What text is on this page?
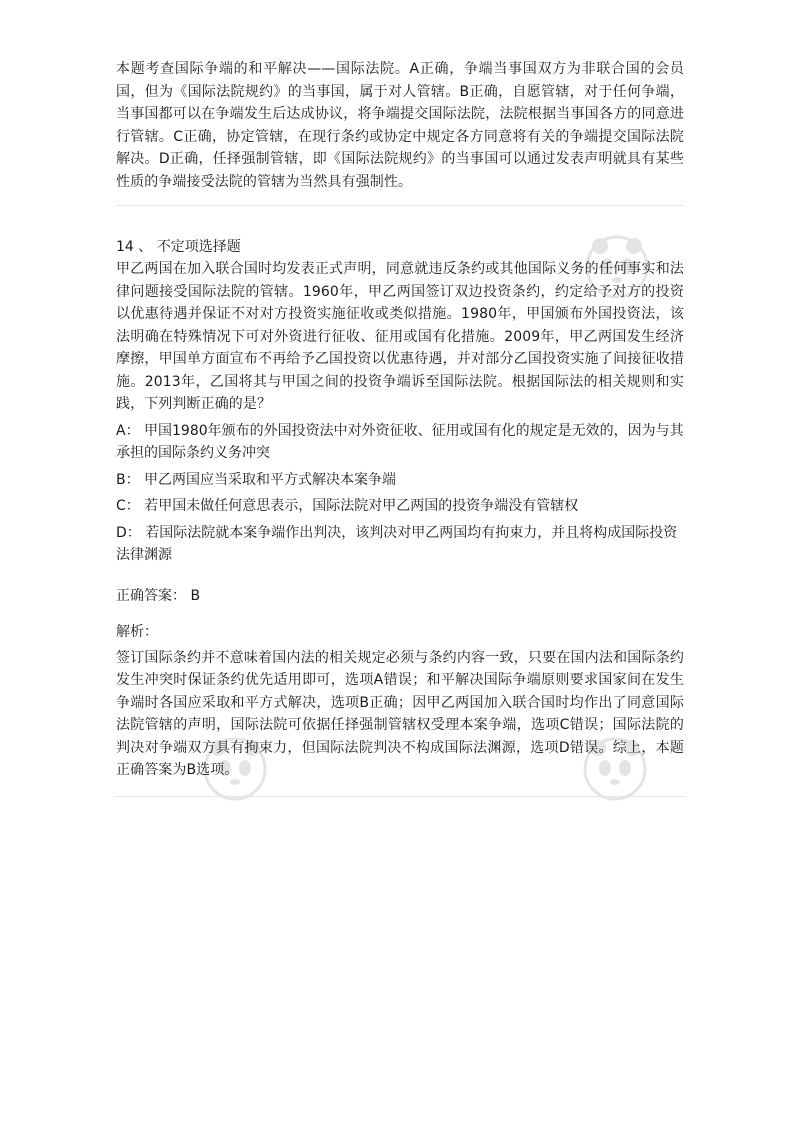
本题考查国际争端的和平解决——国际法院。A正确，争端当事国双方为非联合国的会员国，但为《国际法院规约》的当事国，属于对人管辖。B正确，自愿管辖，对于任何争端，当事国都可以在争端发生后达成协议，将争端提交国际法院，法院根据当事国各方的同意进行管辖。C正确，协定管辖，在现行条约或协定中规定各方同意将有关的争端提交国际法院解决。D正确，任择强制管辖，即《国际法院规约》的当事国可以通过发表声明就具有某些性质的争端接受法院的管辖为当然具有强制性。

14 、 不定项选择题

甲乙两国在加入联合国时均发表正式声明，同意就违反条约或其他国际义务的任何事实和法律问题接受国际法院的管辖。1960年，甲乙两国签订双边投资条约，约定给予对方的投资以优惠待遇并保证不对对方投资实施征收或类似措施。1980年，甲国颁布外国投资法，该法明确在特殊情况下可对外资进行征收、征用或国有化措施。2009年，甲乙两国发生经济摩擦，甲国单方面宣布不再给予乙国投资以优惠待遇，并对部分乙国投资实施了间接征收措施。2013年，乙国将其与甲国之间的投资争端诉至国际法院。根据国际法的相关规则和实践，下列判断正确的是？

A： 甲国1980年颁布的外国投资法中对外资征收、征用或国有化的规定是无效的，因为与其承担的国际条约义务冲突
B： 甲乙两国应当采取和平方式解决本案争端
C： 若甲国未做任何意思表示，国际法院对甲乙两国的投资争端没有管辖权
D： 若国际法院就本案争端作出判决，该判决对甲乙两国均有拘束力，并且将构成国际投资法律渊源
正确答案： B
解析：

签订国际条约并不意味着国内法的相关规定必须与条约内容一致，只要在国内法和国际条约发生冲突时保证条约优先适用即可，选项A错误；和平解决国际争端原则要求国家间在发生争端时各国应采取和平方式解决，选项B正确；因甲乙两国加入联合国时均作出了同意国际法院管辖的声明，国际法院可依据任择强制管辖权受理本案争端，选项C错误；国际法院的判决对争端双方具有拘束力，但国际法院判决不构成国际法渊源，选项D错误。综上，本题正确答案为B选项。
